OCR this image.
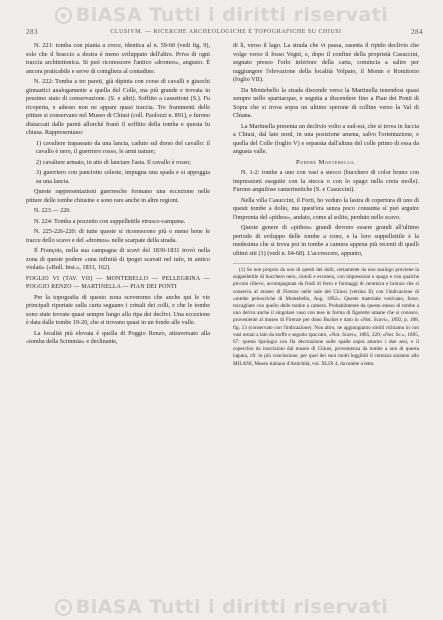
BiASA Tutti i diritti riservati
283	CLUSIVM. — RICERCHE ARCHEOLOGICHE E TOPOGRAFICHE SU CHIUSI	284

N. 221: tomba con pianta a croce, identica al n. 59-60 (vedi fig. 9), solo che il braccio a destra è meno sviluppato dell'altro. Priva di ogni traccia architettonica. Si può riconoscere l'antico «dromos», angusto. È ancora praticabile e serve di conigliera al contadino.

N. 222: Tomba a tre pareti, già dipinta con corse di cavalli e giuochi ginnastici analogamente a quella del Colle, ma più grande e trovata in pessimo stato di conservazione. (S. e altri). Soffitto a cassettoni (S.). Fu ricoperta, e adesso non ne appare quasi traccia. Tre frammenti delle pitture si conservano nel Museo di Chiusi (coll. Paolozzi n. 891), e furono distaccati dalle pareti allorché franò il soffitto della tomba e questa fu chiusa. Rappresentano:

1) cavaliere trapassato da una lancia, caduto sul dorso del cavallo: il cavallo è nero, il guerriero rosso, le armi nature;

2) cavaliere armato, in atto di lanciare l'asta. Il cavallo è rosso;

3) guerriero con panciotto celeste, impugna una spada e si appoggia su una lancia.

Queste rappresentazioni guerresche formano una eccezione nelle pitture delle tombe chiusine e sono rare anche in altre regioni.

N. 223 — 220.

N. 224: Tomba a pozzetto con suppellettile etrusco-campana.

N. 225-226-220: di tutte queste si riconoscono più o meno bene le tracce dello scavo e del «dromos» nelle scarpate della strada.

Il François, nella sua campagna di scavi del 1830-1831 trovò nella zona di queste podere «una infinità di ipogei scavati nel tufo, in antico violati» («Bull. Inst.», 1831, 162).

FOGLIO VI (TAV. VII) — MONTEBELLO — PELLEGRINA — POGGIO RENZO — MARTINELLA — PIAN DEI PONTI

Per la topografia di questo zona sceveremo che anche qui le vie principali riportate sulla carta seguano i crinali dei colli, e che le tombe sono state trovate quasi sempre lungo alla ripa dei declivi. Una eccezione è data dalle tombe 19-20, che si trovano quasi in un fondo alle valle.

La località più elevata è quella di Poggio Renzo, attraversato alla «tomba della Scimmia» e declinante,

di lì, verso il lago. La strada che vi passa, rasenta il ripido declivio che volge verso il fosso Vegni, e, dopo il confine della proprietà Casuccini, segnato presso l'orlo inferiore della carta, comincia a salire per raggiungere l'elevazione della località Volpaio, il Monte e Romitorio (foglio VII).

Da Montebello la strada discende verso la Martinella tenendosi quasi sempre nello spartiacque, e seguita a discendere fino a Pian dei Ponti di Sopra che si trova sopra un ultimo sperone di colline verso la Val di Chiana.

La Martinella presenta un declivio volto a sud-est, che si trova in faccia a Chiusi, dal lato nord, in una posizione amena, salvo l'orientazione, e quella del Colle (foglio V) e separata dall'altura del colle primo di essa da angusta valle.

Podere Montebello.

N. 1-2: tombe a uno con vasi a stecco (bucchero di color bruno con impressioni eseguite con la stecca o con lo spago nella creta molle). Furono anguilose camerinetiche (S. e Casuccini).

Nella villa Casuccini, il Forti, ho veduto la lastra di copertura di uno di questi tombe a dolio, ma quest'era senza poco consunta sì può arguire l'impronta del «pithos», andato, come al solito, perduto nello scavo.

Queste genere di «pithos» grandi devono essere grandi all'ultimo periodo di sviluppo delle tombe a cono, e la loro suppellettile è la medesima che si trova poi in tombe a camera appena più recenti di quelli ultimi siti (1) (vedi n. 64-68). L'accrescere, appunto,

(1) Se non proprio da uno di questi dei dolii, certamente da uno analogo proviene la suppellettile di bucchero nero, ciotoli e eccetera, con impressioni e spago e con qualche piccolo rilievo, accompagnata da frodi di ferro e formaggi di ceramica e bronzo che si conserva al museo di Firenze nelle sale del Chiusi (vetrina II) con l'indicazione di «tombe peloscriche di Montebello, Aug. 1892». Queste materiale venivano, forse, travagliate con quello delle tombe a camera. Probabilmente da questo stesso di tombe a uno deriva anche il singolare vaso con tese in forma di figurette umane che si conosce, proveniente al museo di Firenze per dono Bucket e dato in «Not. Scavi», 1892, p. 188, fig. 13 (conservato con l'indicazione). Non altro, ne aggiungiamo simili richiamo in con vasi ornati a lato da stoffe e seguito spaccato, «Not. Scavi», 1885, 220; «Not. Sc.», 1885, 67: questa tipologia con fla decorazione sulle spalle sopra attorno i due assi, e il coperchio da inscrizioni dal museo di Chiusi, provenienza da tombe a uno di questa laguna, cfr. in più conclusione, per quei dei suoi molti leggibili il certezza saranno allo MILANI, Museo italiano d'Antichità, vol. XLIX 4, da tombe a letto.

BiASA Tutti i diritti riservati
